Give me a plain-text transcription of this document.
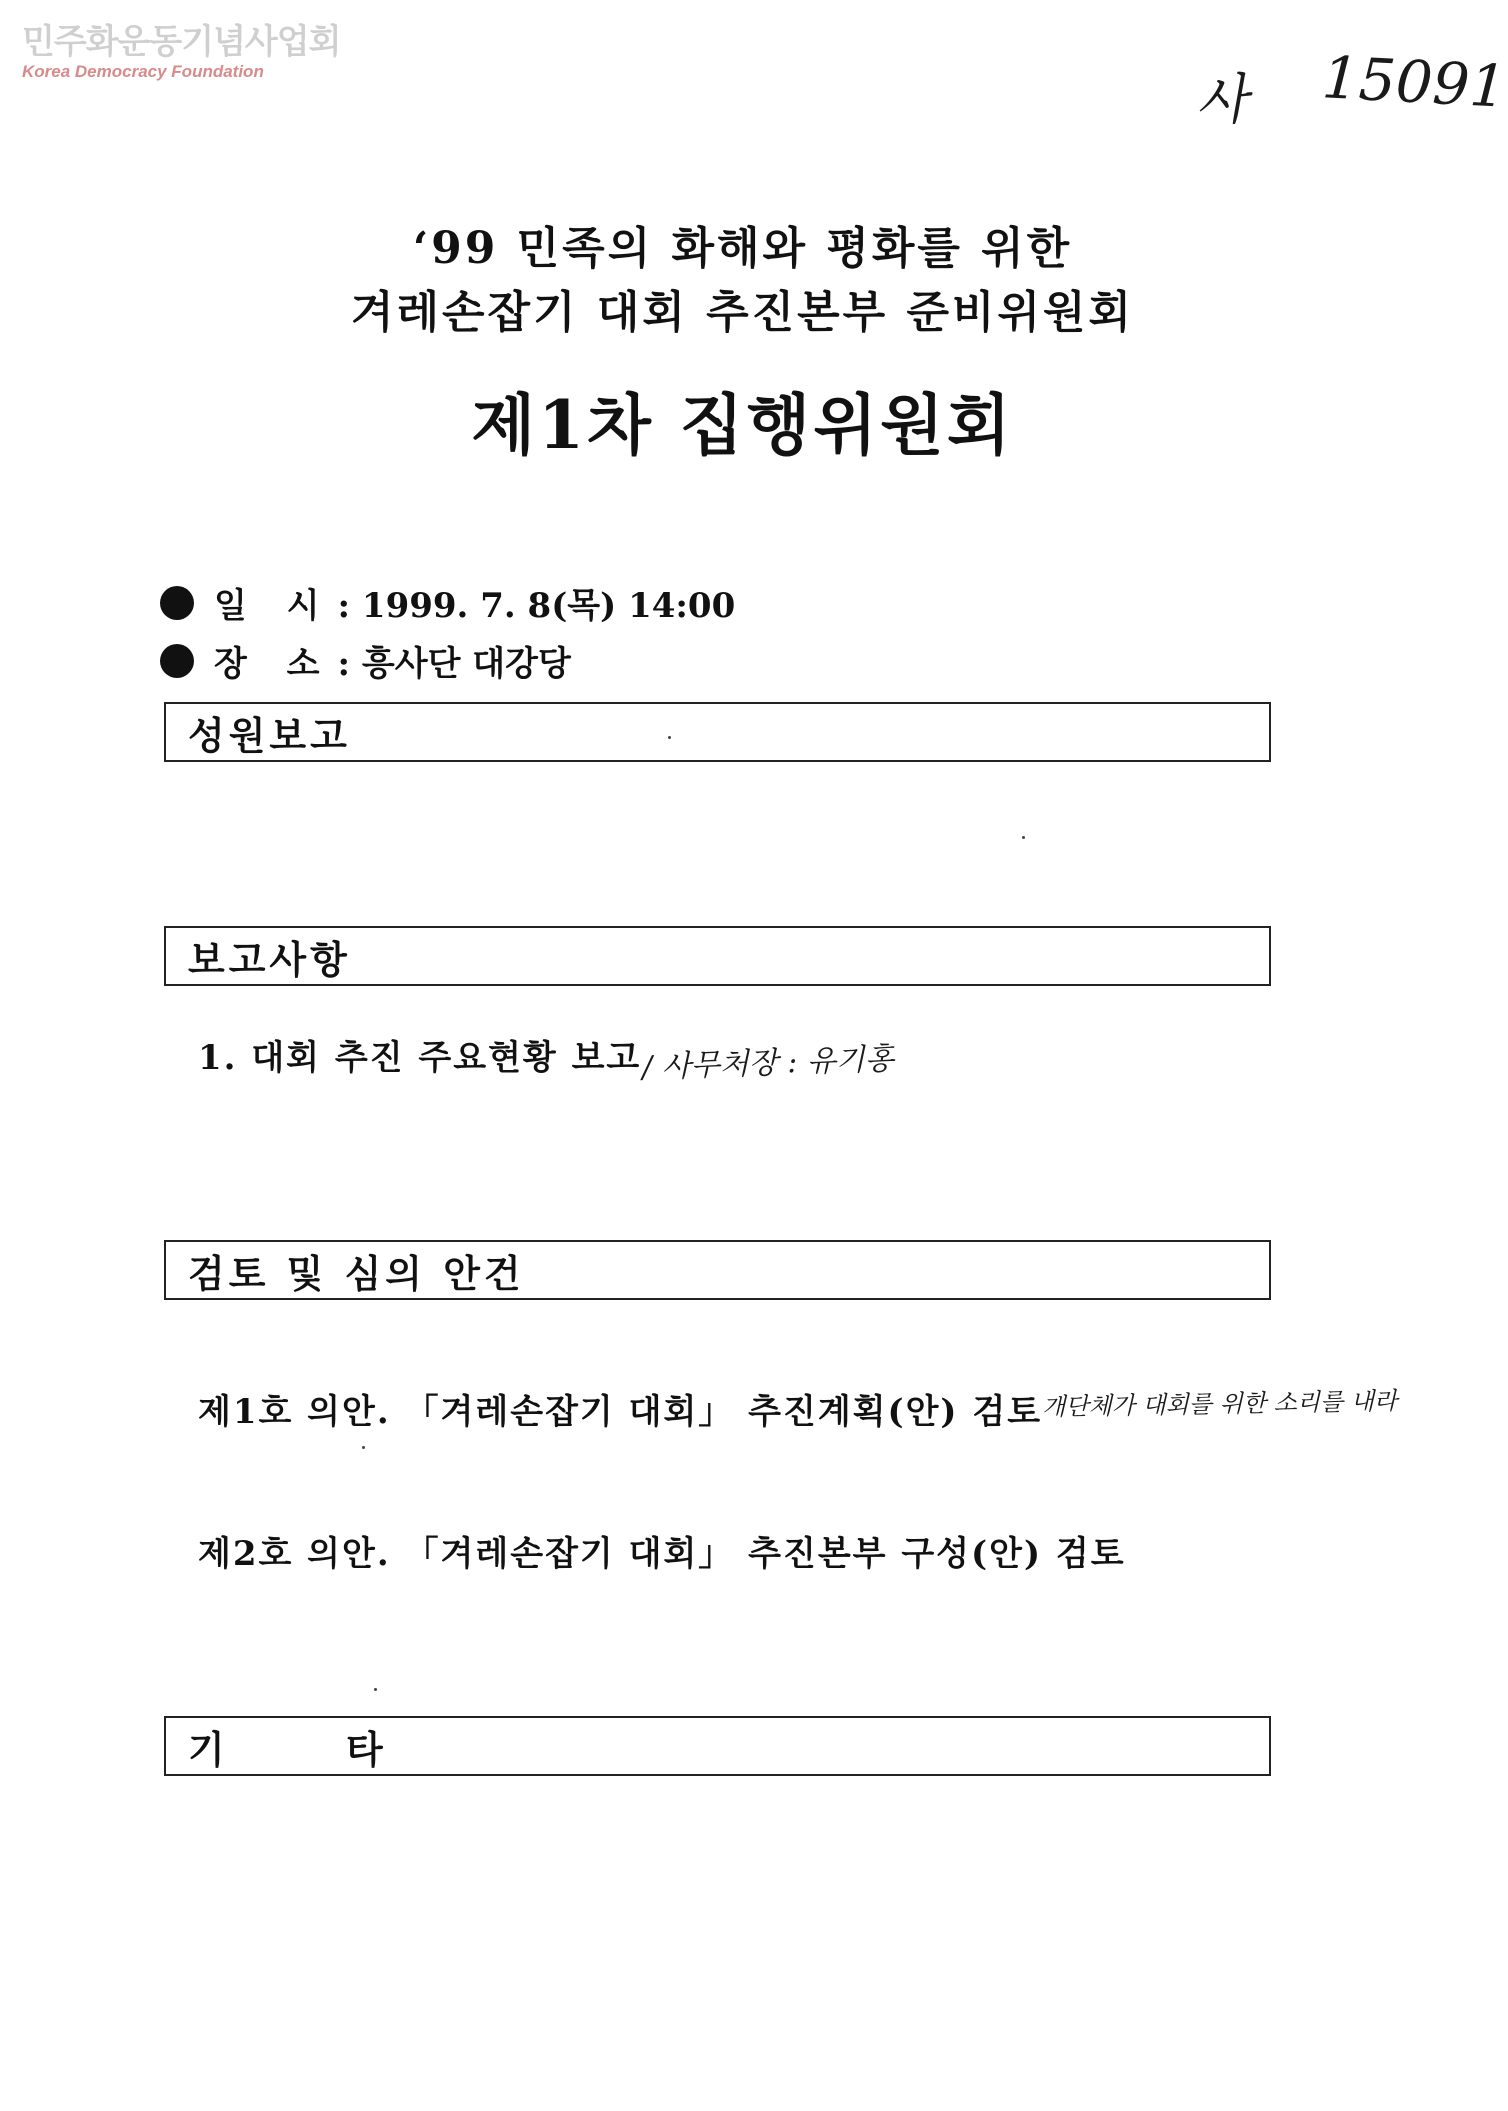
민주화운동기념사업회
Korea Democracy Foundation	사 15091
‘99 민족의 화해와 평화를 위한
겨레손잡기 대회 추진본부 준비위원회
제1차 집행위원회
일 시 : 1999. 7. 8(목) 14:00
장 소 : 흥사단 대강당
성원보고
보고사항
1. 대회 추진 주요현황 보고 / 사무처장 : 유기홍
검토 및 심의 안건
제1호 의안. 「겨레손잡기 대회」 추진계획(안) 검토 개단체가 대회를 위한 소리를 내라
제2호 의안. 「겨레손잡기 대회」 추진본부 구성(안) 검토
기 타
